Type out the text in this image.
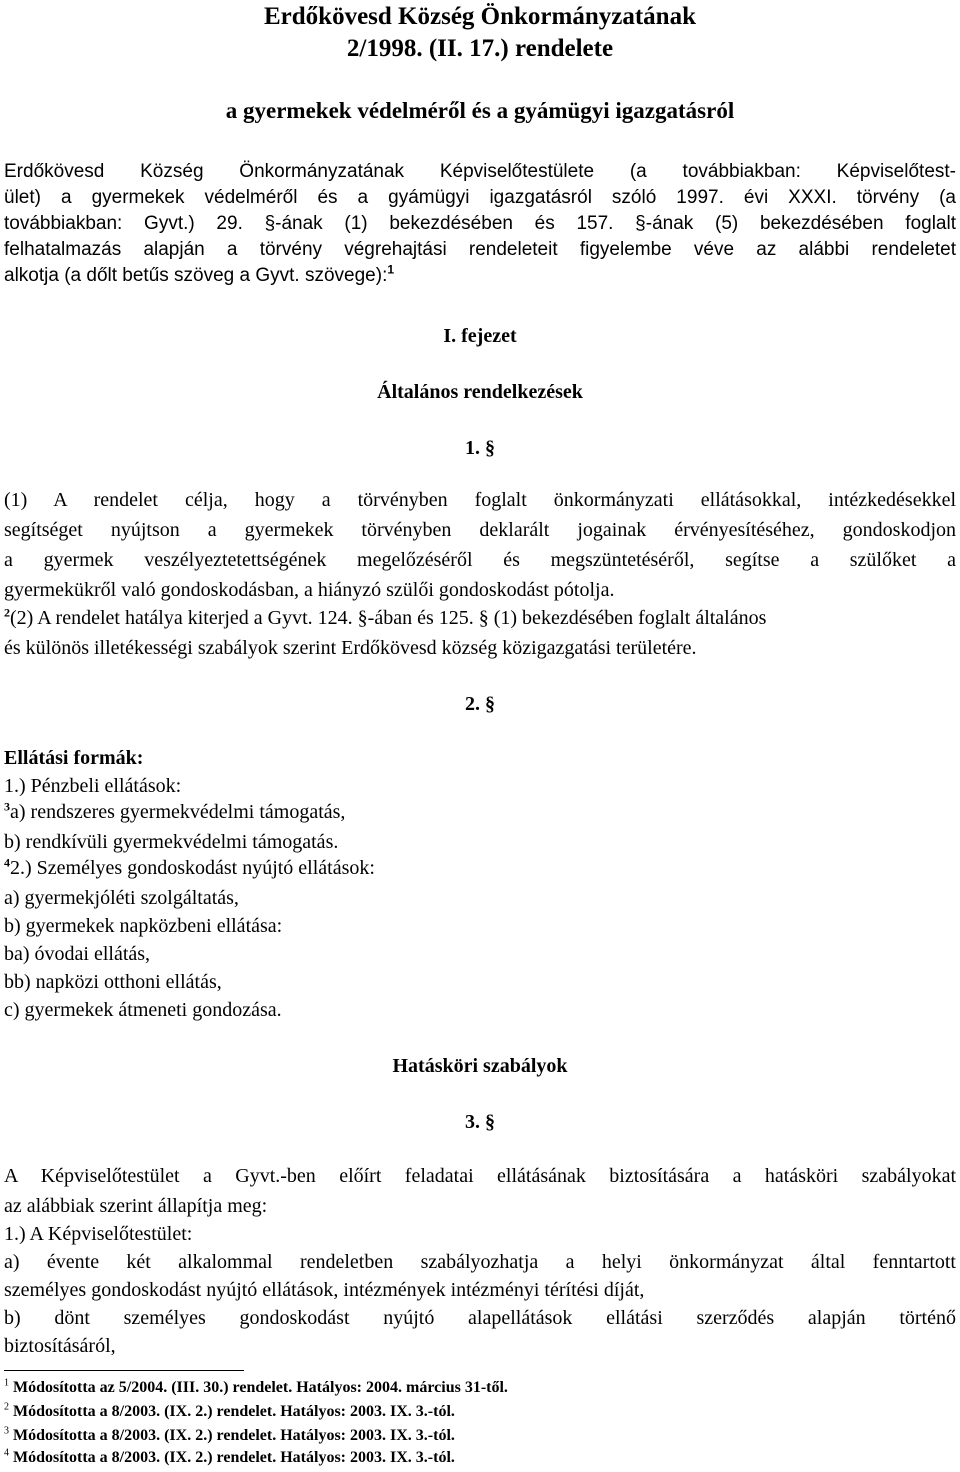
Erdőkövesd Község Önkormányzatának
2/1998. (II. 17.) rendelete
a gyermekek védelméről és a gyámügyi igazgatásról
Erdőkövesd Község Önkormányzatának Képviselőtestülete (a továbbiakban: Képviselőtest-
ület) a gyermekek védelméről és a gyámügyi igazgatásról szóló 1997. évi XXXI. törvény (a
továbbiakban: Gyvt.) 29. §-ának (1) bekezdésében és 157. §-ának (5) bekezdésében foglalt
felhatalmazás alapján a törvény végrehajtási rendeleteit figyelembe véve az alábbi rendeletet
alkotja (a dőlt betűs szöveg a Gyvt. szövege):$^1$
I. fejezet
Általános rendelkezések
1. §
(1) A rendelet célja, hogy a törvényben foglalt önkormányzati ellátásokkal, intézkedésekkel
segítséget nyújtson a gyermekek törvényben deklarált jogainak érvényesítéséhez, gondoskodjon
a gyermek veszélyeztetettségének megelőzéséről és megszüntetéséről, segítse a szülőket a
gyermekükről való gondoskodásban, a hiányzó szülői gondoskodást pótolja.
$^2$(2) A rendelet hatálya kiterjed a Gyvt. 124. §-ában és 125. § (1) bekezdésében foglalt általános
és különös illetékességi szabályok szerint Erdőkövesd község közigazgatási területére.
2. §
Ellátási formák:
1.) Pénzbeli ellátások:
$^3$a) rendszeres gyermekvédelmi támogatás,
b) rendkívüli gyermekvédelmi támogatás.
$^4$2.) Személyes gondoskodást nyújtó ellátások:
a) gyermekjóléti szolgáltatás,
b) gyermekek napközbeni ellátása:
ba) óvodai ellátás,
bb) napközi otthoni ellátás,
c) gyermekek átmeneti gondozása.
Hatásköri szabályok
3. §
A Képviselőtestület a Gyvt.-ben előírt feladatai ellátásának biztosítására a hatásköri szabályokat
az alábbiak szerint állapítja meg:
1.) A Képviselőtestület:
a) évente két alkalommal rendeletben szabályozhatja a helyi önkormányzat által fenntartott
személyes gondoskodást nyújtó ellátások, intézmények intézményi térítési díját,
b) dönt személyes gondoskodást nyújtó alapellátások ellátási szerződés alapján történő
biztosításáról,
$^1$ Módosította az 5/2004. (III. 30.) rendelet. Hatályos: 2004. március 31-től.
$^2$ Módosította a 8/2003. (IX. 2.) rendelet. Hatályos: 2003. IX. 3.-tól.
$^3$ Módosította a 8/2003. (IX. 2.) rendelet. Hatályos: 2003. IX. 3.-tól.
$^4$ Módosította a 8/2003. (IX. 2.) rendelet. Hatályos: 2003. IX. 3.-tól.
